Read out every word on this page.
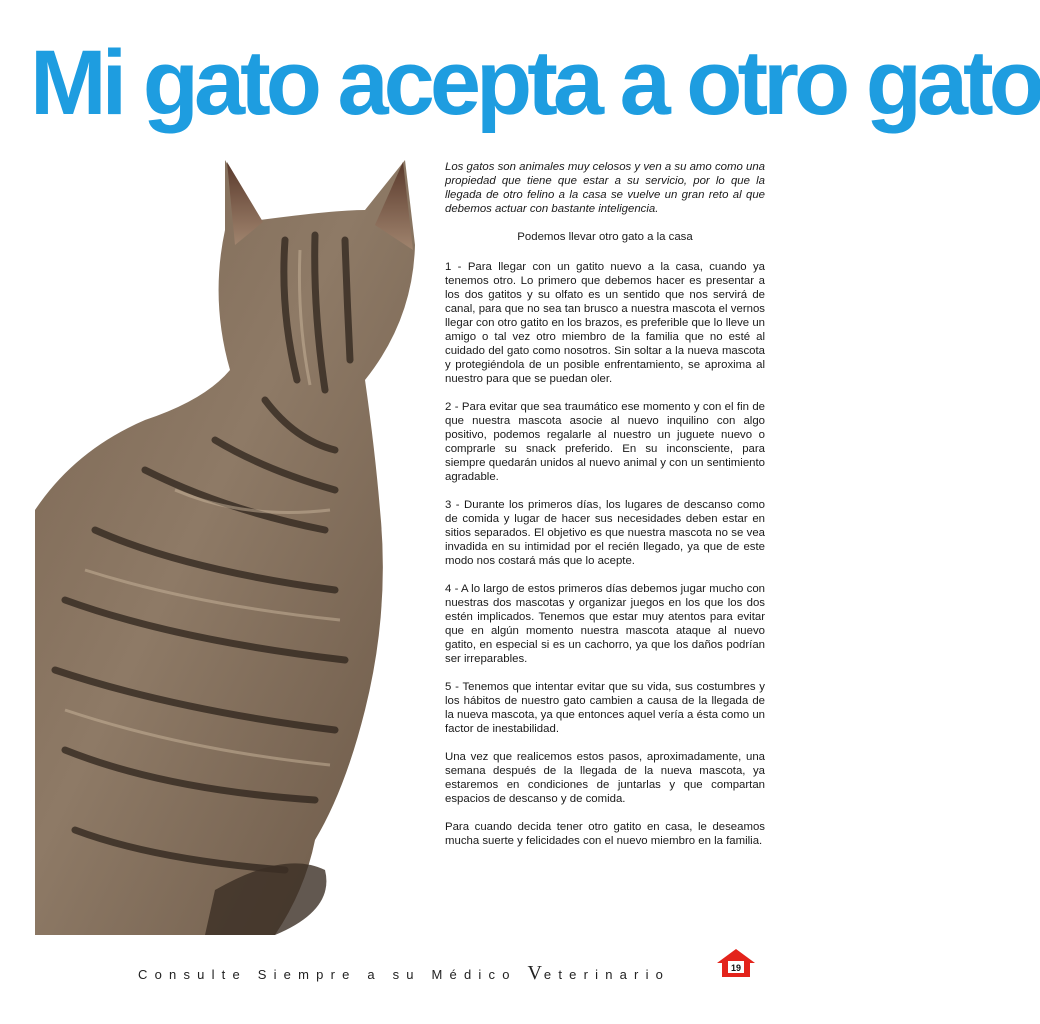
Mi gato acepta a otro gato

Los gatos son animales muy celosos y ven a su amo como una propiedad que tiene que estar a su servicio, por lo que la llegada de otro felino a la casa se vuelve un gran reto al que debemos actuar con bastante inteligencia.

Podemos llevar otro gato a la casa

1 - Para llegar con un gatito nuevo a la casa, cuando ya tenemos otro. Lo primero que debemos hacer es presentar a los dos gatitos y su olfato es un sentido que nos servirá de canal, para que no sea tan brusco a nuestra mascota el vernos llegar con otro gatito en los brazos, es preferible que lo lleve un amigo o tal vez otro miembro de la familia que no esté al cuidado del gato como nosotros. Sin soltar a la nueva mascota y protegiéndola de un posible enfrentamiento, se aproxima al nuestro para que se puedan oler.

2 - Para evitar que sea traumático ese momento y con el fin de que nuestra mascota asocie al nuevo inquilino con algo positivo, podemos regalarle al nuestro un juguete nuevo o comprarle su snack preferido. En su inconsciente, para siempre quedarán unidos al nuevo animal y con un sentimiento agradable.

3 - Durante los primeros días, los lugares de descanso como de comida y lugar de hacer sus necesidades deben estar en sitios separados. El objetivo es que nuestra mascota no se vea invadida en su intimidad por el recién llegado, ya que de este modo nos costará más que lo acepte.

4 - A lo largo de estos primeros días debemos jugar mucho con nuestras dos mascotas y organizar juegos en los que los dos estén implicados. Tenemos que estar muy atentos para evitar que en algún momento nuestra mascota ataque al nuevo gatito, en especial si es un cachorro, ya que los daños podrían ser irreparables.

5 - Tenemos que intentar evitar que su vida, sus costumbres y los hábitos de nuestro gato cambien a causa de la llegada de la nueva mascota, ya que entonces aquel vería a ésta como un factor de inestabilidad.

Una vez que realicemos estos pasos, aproximadamente, una semana después de la llegada de la nueva mascota, ya estaremos en condiciones de juntarlas y que compartan espacios de descanso y de comida.

Para cuando decida tener otro gatito en casa, le deseamos mucha suerte y felicidades con el nuevo miembro en la familia.

Consulte Siempre a su Médico Veterinario	19
